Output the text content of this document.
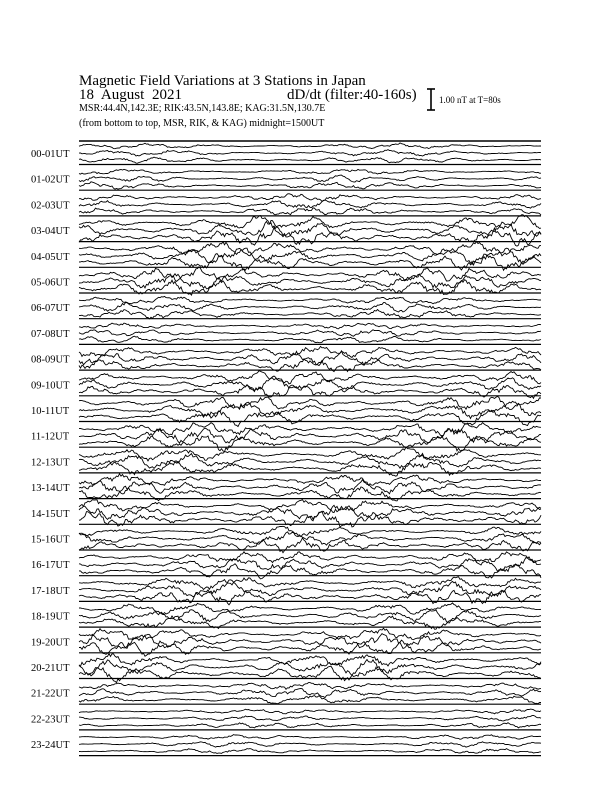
Magnetic Field Variations at 3 Stations in Japan
18 August 2021	dD/dt (filter:40-160s)
MSR:44.4N,142.3E; RIK:43.5N,143.8E; KAG:31.5N,130.7E
(from bottom to top, MSR, RIK, & KAG) midnight=1500UT
1.00 nT at T=80s
00-01UT
01-02UT
02-03UT
03-04UT
04-05UT
05-06UT
06-07UT
07-08UT
08-09UT
09-10UT
10-11UT
11-12UT
12-13UT
13-14UT
14-15UT
15-16UT
16-17UT
17-18UT
18-19UT
19-20UT
20-21UT
21-22UT
22-23UT
23-24UT
